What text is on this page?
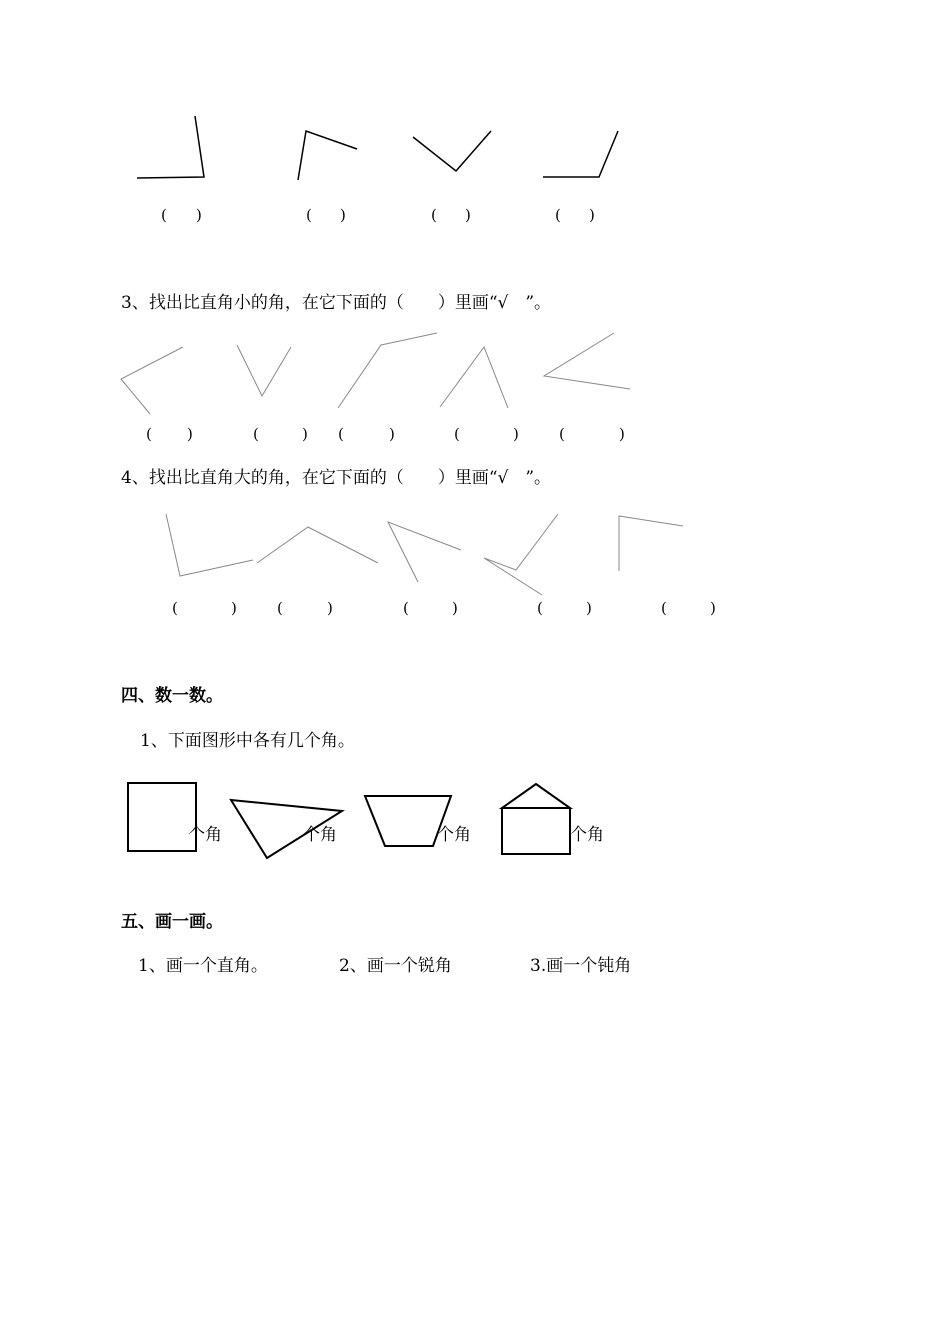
( )	( )	( )	( )
3、找出比直角小的角，在它下面的（　　）里画“√　”。
( )	(	) (	)	(	)	(	)
4、找出比直角大的角，在它下面的（　　）里画“√　”。
(	)	(	)	(	)	(	)	(	)
四、数一数。
1、下面图形中各有几个角。
个角	个角	个角	个角
五、画一画。
1、画一个直角。	2、画一个锐角	3.画一个钝角
